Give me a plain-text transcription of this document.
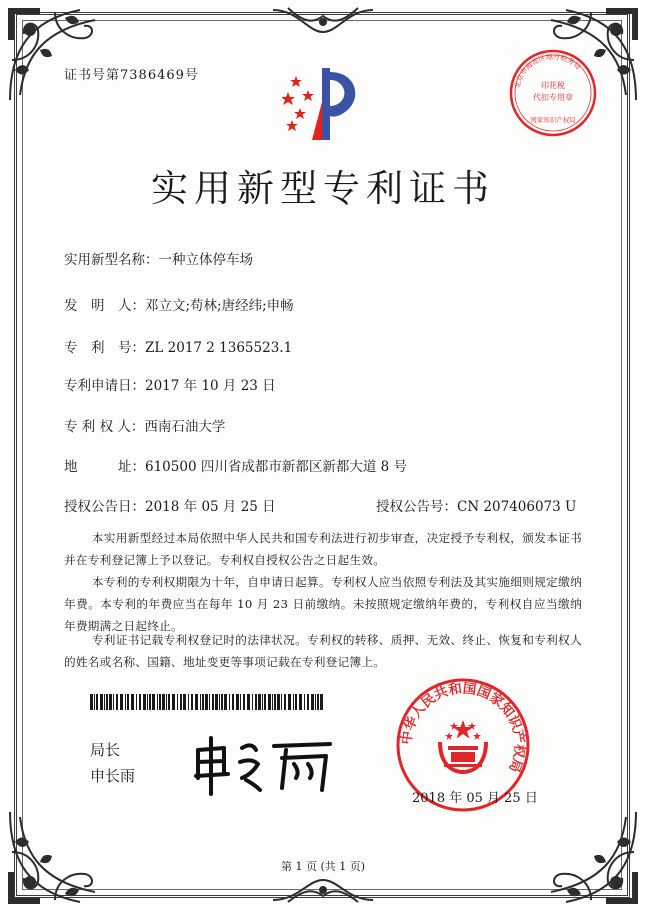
证书号第7386469号
北京市海淀区地方税务局
印花税
代扣专用章
国家知识产权局
实用新型专利证书
实用新型名称：一种立体停车场
发　明　人：邓立文;苟林;唐经纬;申畅
专　利　号：ZL 2017 2 1365523.1
专利申请日：2017 年 10 月 23 日
专 利 权 人：西南石油大学
地　　　址：610500 四川省成都市新都区新都大道 8 号
授权公告日：2018 年 05 月 25 日	授权公告号：CN 207406073 U
本实用新型经过本局依照中华人民共和国专利法进行初步审查，决定授予专利权，颁发本证书并在专利登记簿上予以登记。专利权自授权公告之日起生效。
本专利的专利权期限为十年，自申请日起算。专利权人应当依照专利法及其实施细则规定缴纳年费。本专利的年费应当在每年 10 月 23 日前缴纳。未按照规定缴纳年费的，专利权自应当缴纳年费期满之日起终止。
专利证书记载专利权登记时的法律状况。专利权的转移、质押、无效、终止、恢复和专利权人的姓名或名称、国籍、地址变更等事项记载在专利登记簿上。
局长
申长雨
中华人民共和国国家知识产权局
2018 年 05 月 25 日
第 1 页 (共 1 页)
